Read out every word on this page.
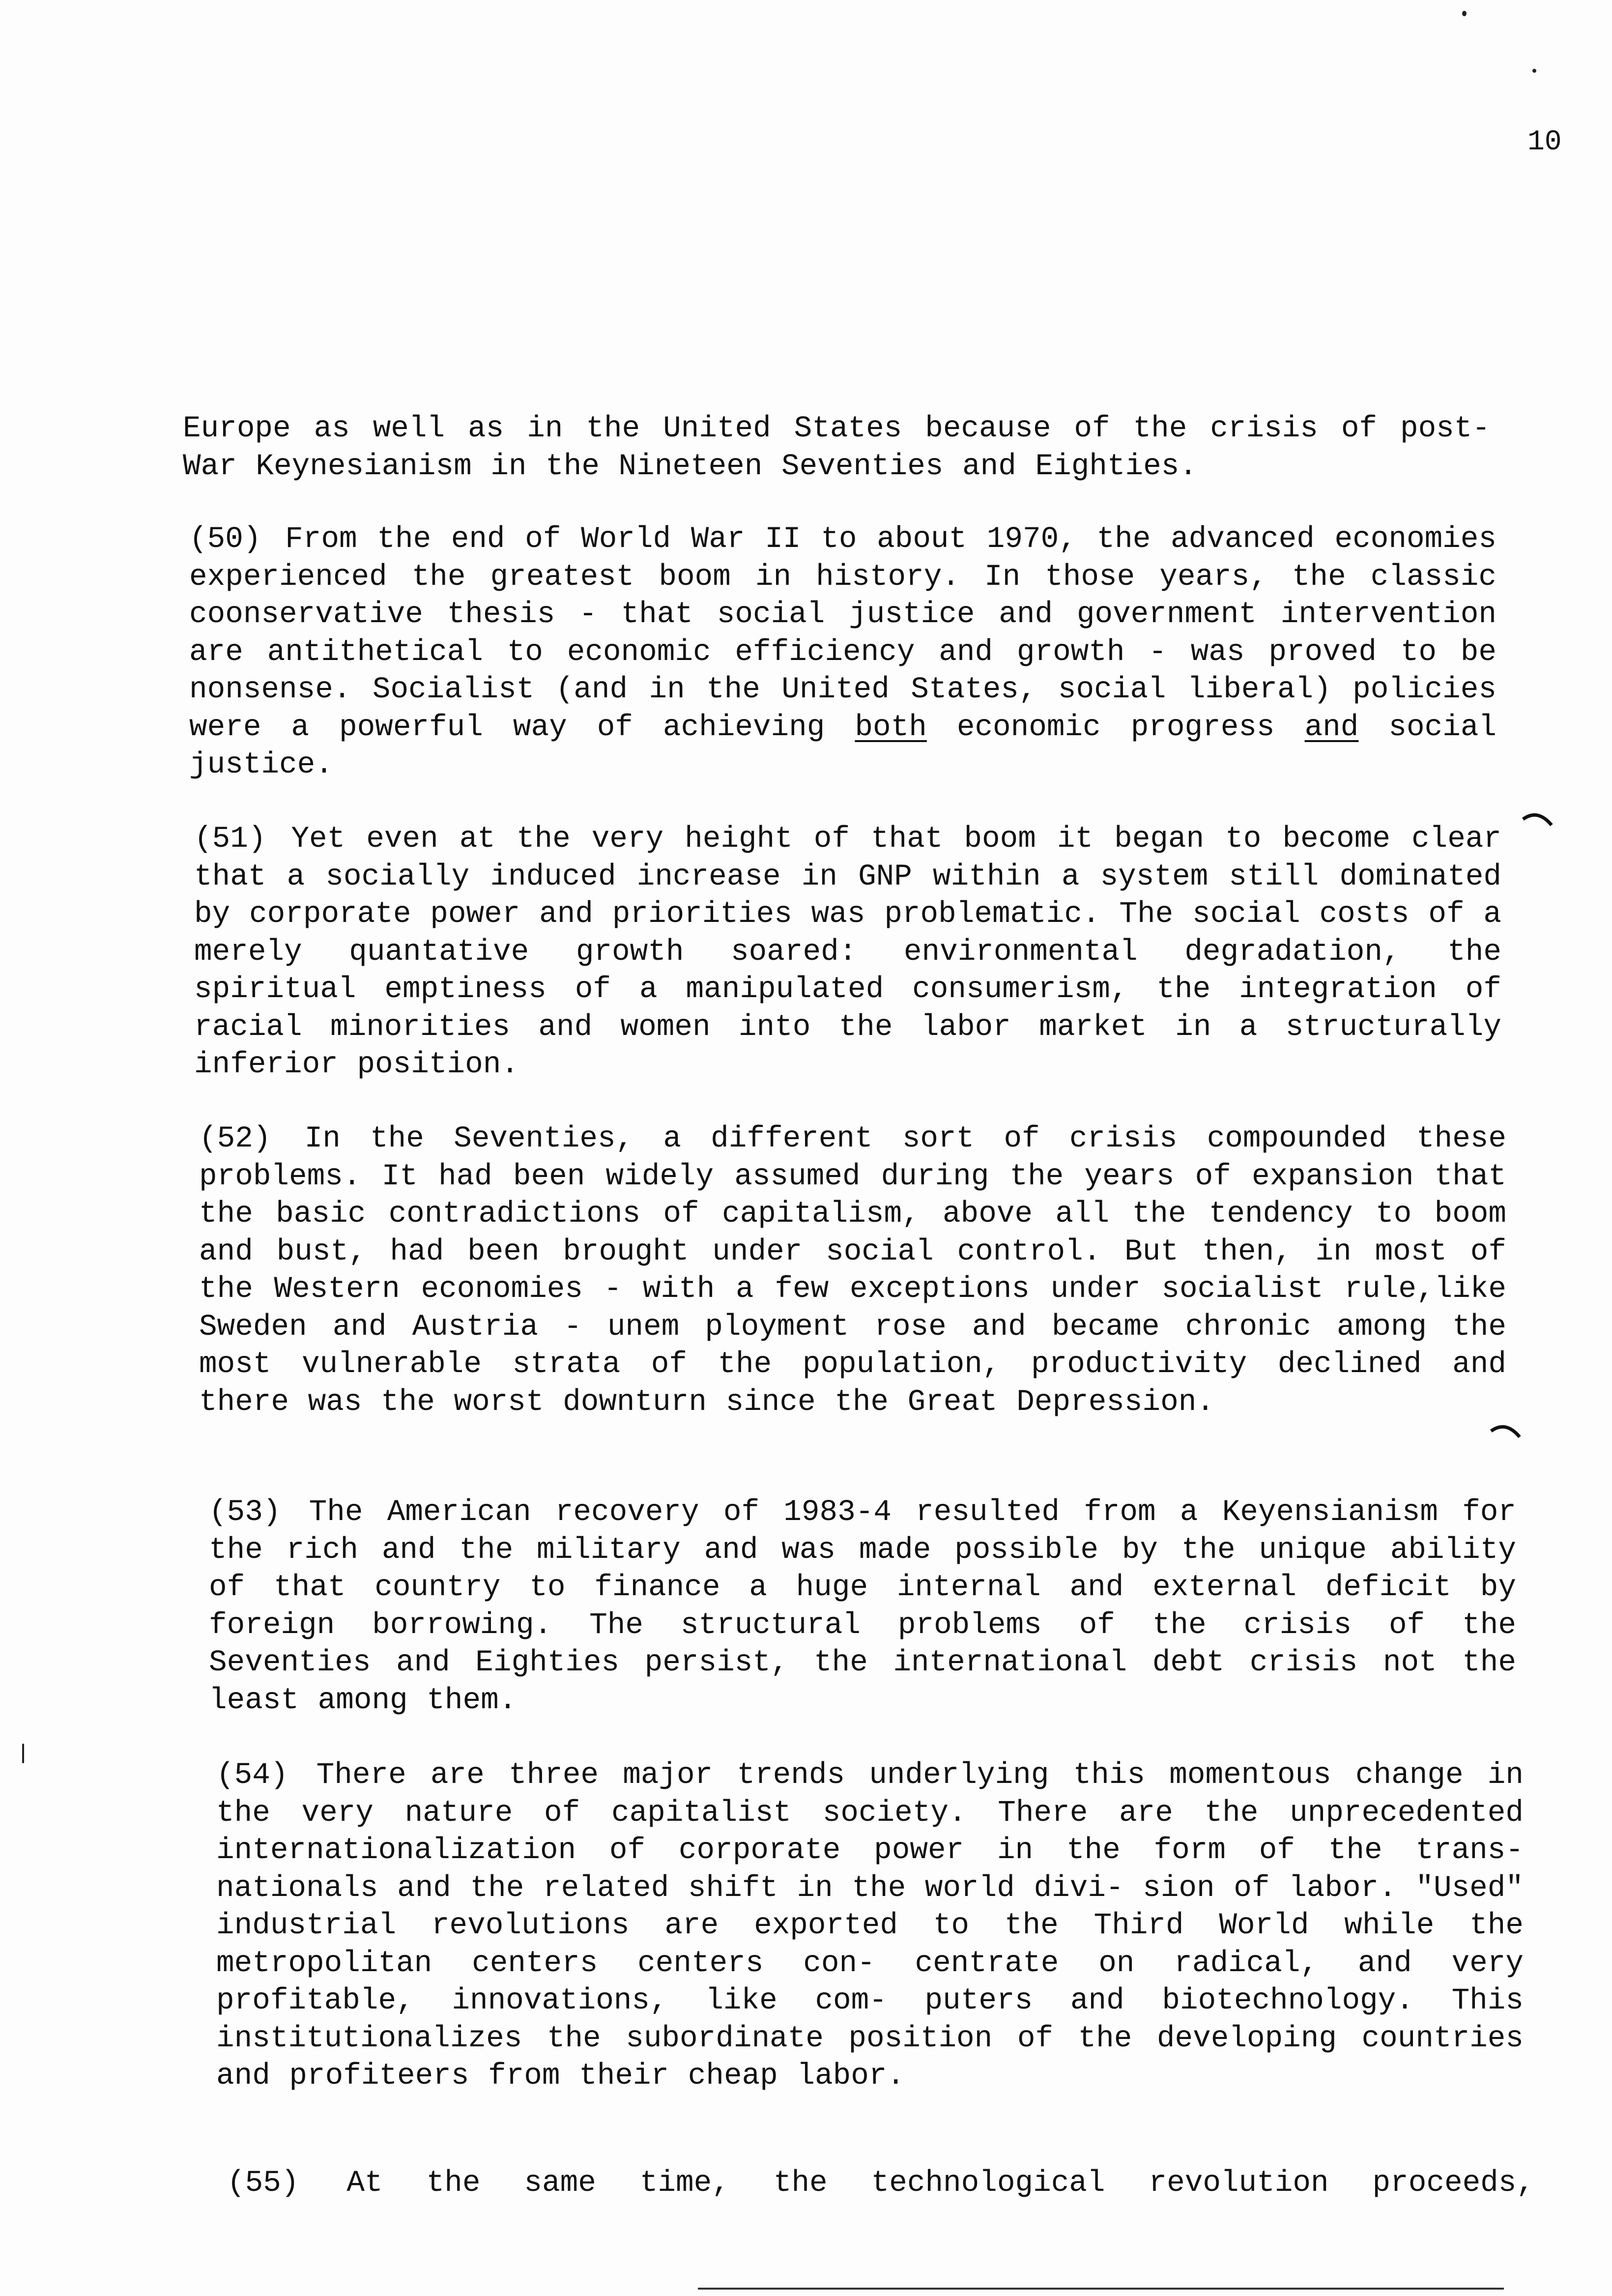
10
Europe as well as in the United States because of the crisis of post-War Keynesianism in the Nineteen Seventies and Eighties.
(50) From the end of World War II to about 1970, the advanced economies experienced the greatest boom in history. In those years, the classic coonservative thesis - that social justice and government intervention are antithetical to economic efficiency and growth - was proved to be nonsense. Socialist (and in the United States, social liberal) policies were a powerful way of achieving both economic progress and social justice.
(51) Yet even at the very height of that boom it began to become clear that a socially induced increase in GNP within a system still dominated by corporate power and priorities was problematic. The social costs of a merely quantative growth soared: environmental degradation, the spiritual emptiness of a manipulated consumerism, the integration of racial minorities and women into the labor market in a structurally inferior position.
(52) In the Seventies, a different sort of crisis compounded these problems. It had been widely assumed during the years of expansion that the basic contradictions of capitalism, above all the tendency to boom and bust, had been brought under social control. But then, in most of the Western economies - with a few exceptions under socialist rule,like Sweden and Austria - unem ployment rose and became chronic among the most vulnerable strata of the population, productivity declined and there was the worst downturn since the Great Depression.
(53) The American recovery of 1983-4 resulted from a Keyensianism for the rich and the military and was made possible by the unique ability of that country to finance a huge internal and external deficit by foreign borrowing. The structural problems of the crisis of the Seventies and Eighties persist, the international debt crisis not the least among them.
(54) There are three major trends underlying this momentous change in the very nature of capitalist society. There are the unprecedented internationalization of corporate power in the form of the trans-nationals and the related shift in the world divi- sion of labor. "Used" industrial revolutions are exported to the Third World while the metropolitan centers centers con- centrate on radical, and very profitable, innovations, like com- puters and biotechnology. This institutionalizes the subordinate position of the developing countries and profiteers from their cheap labor.
(55) At the same time, the technological revolution proceeds,
